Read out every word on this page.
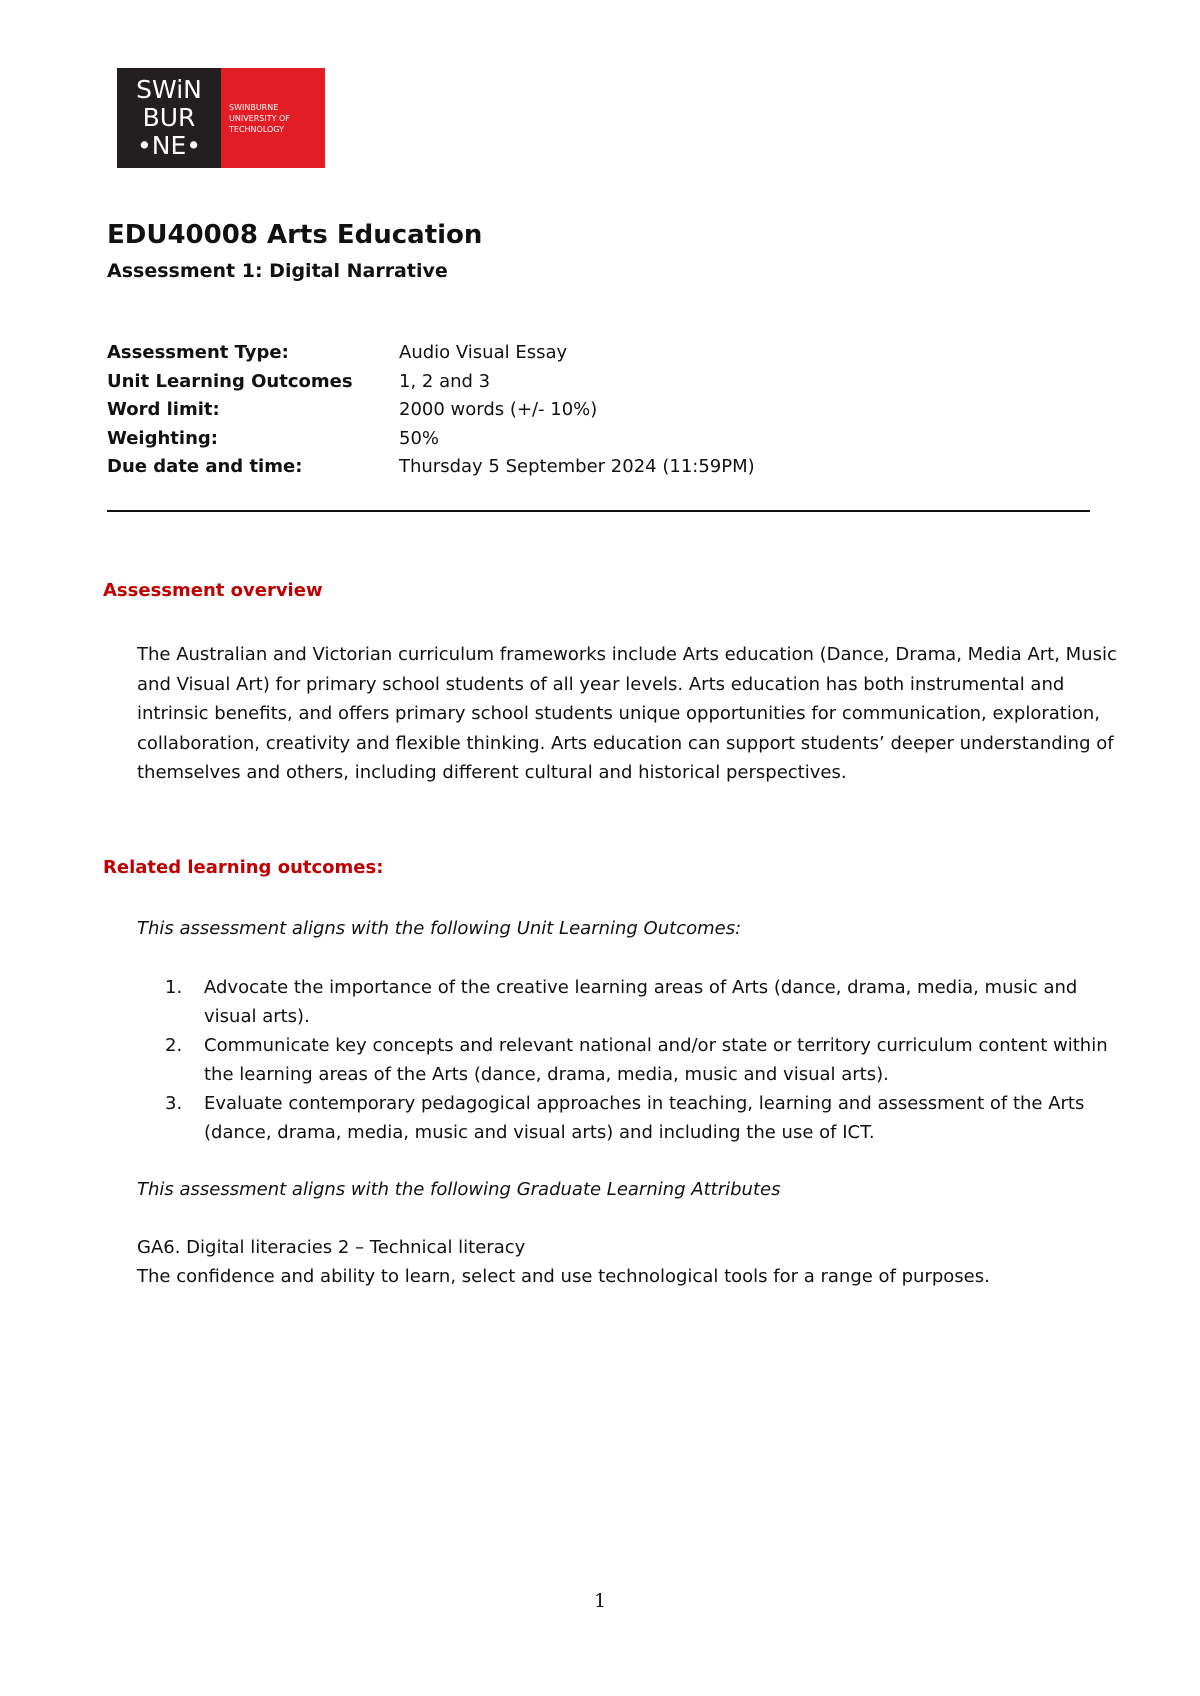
SWiN
BUR
•NE•
SWINBURNE
UNIVERSITY OF
TECHNOLOGY
EDU40008 Arts Education
Assessment 1: Digital Narrative
Assessment Type:	Audio Visual Essay
Unit Learning Outcomes	1, 2 and 3
Word limit:	2000 words (+/- 10%)
Weighting:	50%
Due date and time:	Thursday 5 September 2024 (11:59PM)
Assessment overview

The Australian and Victorian curriculum frameworks include Arts education (Dance, Drama, Media Art, Music and Visual Art) for primary school students of all year levels. Arts education has both instrumental and intrinsic benefits, and offers primary school students unique opportunities for communication, exploration, collaboration, creativity and flexible thinking. Arts education can support students’ deeper understanding of themselves and others, including different cultural and historical perspectives.

Related learning outcomes:

This assessment aligns with the following Unit Learning Outcomes:

1.	Advocate the importance of the creative learning areas of Arts (dance, drama, media, music and visual arts).
2.	Communicate key concepts and relevant national and/or state or territory curriculum content within the learning areas of the Arts (dance, drama, media, music and visual arts).
3.	Evaluate contemporary pedagogical approaches in teaching, learning and assessment of the Arts (dance, drama, media, music and visual arts) and including the use of ICT.

This assessment aligns with the following Graduate Learning Attributes

GA6. Digital literacies 2 – Technical literacy

The confidence and ability to learn, select and use technological tools for a range of purposes.

1
